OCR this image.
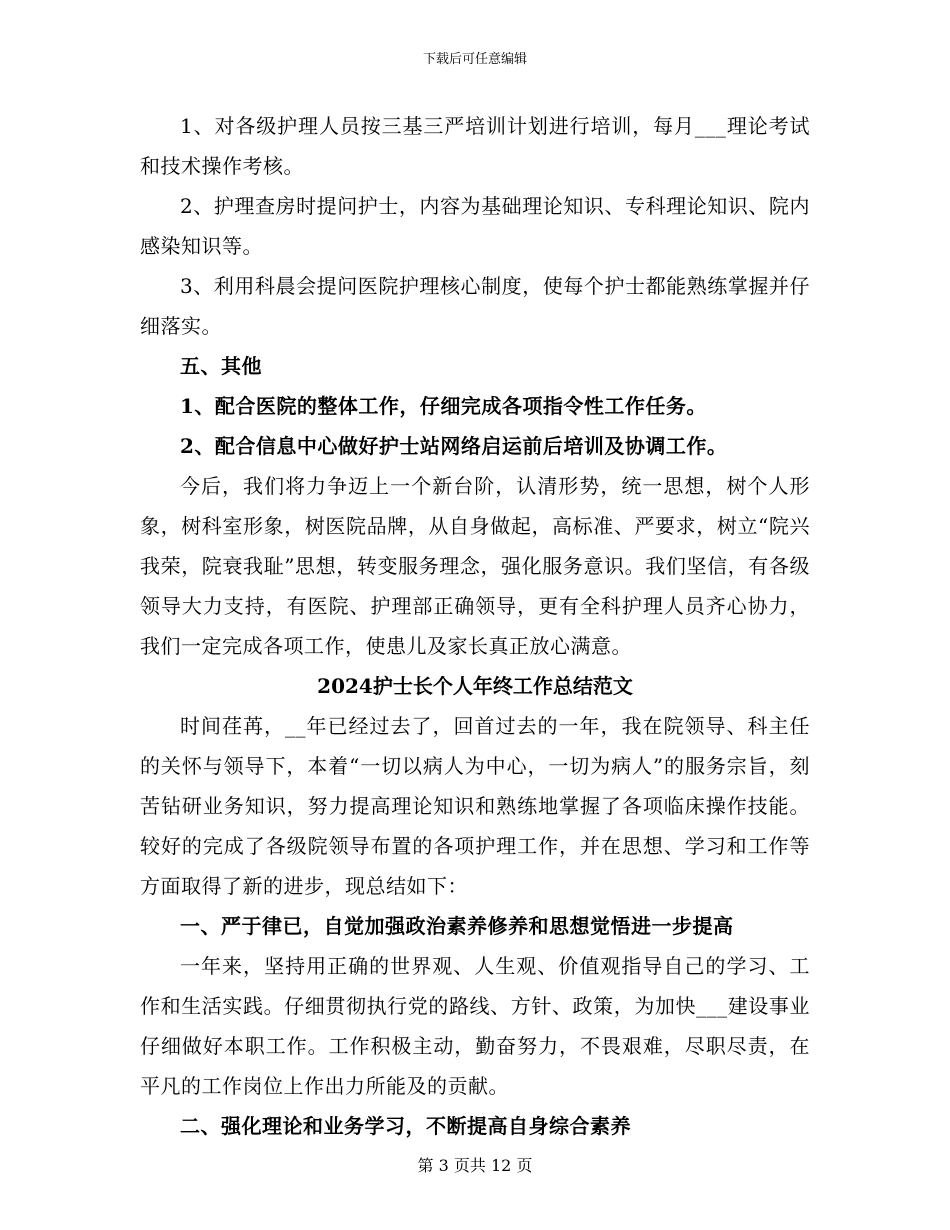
下载后可任意编辑

1、对各级护理人员按三基三严培训计划进行培训，每月___理论考试和技术操作考核。

2、护理查房时提问护士，内容为基础理论知识、专科理论知识、院内感染知识等。

3、利用科晨会提问医院护理核心制度，使每个护士都能熟练掌握并仔细落实。

五、其他

1、配合医院的整体工作，仔细完成各项指令性工作任务。

2、配合信息中心做好护士站网络启运前后培训及协调工作。

今后，我们将力争迈上一个新台阶，认清形势，统一思想，树个人形象，树科室形象，树医院品牌，从自身做起，高标准、严要求，树立“院兴我荣，院衰我耻”思想，转变服务理念，强化服务意识。我们坚信，有各级领导大力支持，有医院、护理部正确领导，更有全科护理人员齐心协力，我们一定完成各项工作，使患儿及家长真正放心满意。

2024护士长个人年终工作总结范文

时间荏苒，__年已经过去了，回首过去的一年，我在院领导、科主任的关怀与领导下，本着“一切以病人为中心，一切为病人”的服务宗旨，刻苦钻研业务知识，努力提高理论知识和熟练地掌握了各项临床操作技能。较好的完成了各级院领导布置的各项护理工作，并在思想、学习和工作等方面取得了新的进步，现总结如下：

一、严于律已，自觉加强政治素养修养和思想觉悟进一步提高

一年来，坚持用正确的世界观、人生观、价值观指导自己的学习、工作和生活实践。仔细贯彻执行党的路线、方针、政策，为加快___建设事业仔细做好本职工作。工作积极主动，勤奋努力，不畏艰难，尽职尽责，在平凡的工作岗位上作出力所能及的贡献。

二、强化理论和业务学习，不断提高自身综合素养

第 3 页共 12 页
